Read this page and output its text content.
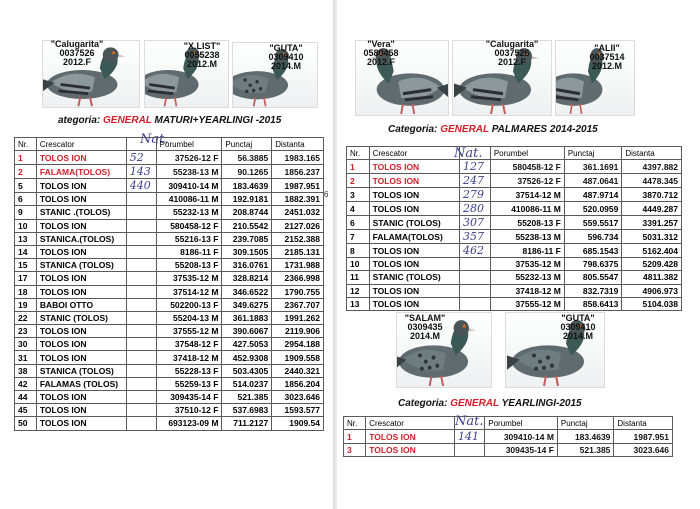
6
"Calugarita"
0037526
2012.F
"X.LIST"
0055238
2012.M
"GUTA"
0309410
2014.M
ategoria: GENERAL MATURI+YEARLINGI -2015
Nat.
Nr.	Crescator		Porumbel	Punctaj	Distanta
1	TOLOS ION	52	37526-12 F	56.3885	1983.165
2	FALAMA(TOLOS)	143	55238-13 M	90.1265	1856.237
5	TOLOS ION	440	309410-14 M	183.4639	1987.951
6	TOLOS ION		410086-11 M	192.9181	1882.391
9	STANIC .(TOLOS)		55232-13 M	208.8744	2451.032
10	TOLOS ION		580458-12 F	210.5542	2127.026
13	STANICA.(TOLOS)		55216-13 F	239.7085	2152.388
14	TOLOS ION		8186-11 F	309.1505	2185.131
15	STANICA (TOLOS)		55208-13 F	316.0761	1731.988
17	TOLOS ION		37535-12 M	328.8214	2366.998
18	TOLOS ION		37514-12 M	346.6522	1790.755
19	BABOI OTTO		502200-13 F	349.6275	2367.707
22	STANIC (TOLOS)		55204-13 M	361.1883	1991.262
23	TOLOS ION		37555-12 M	390.6067	2119.906
30	TOLOS ION		37548-12 F	427.5053	2954.188
31	TOLOS ION		37418-12 M	452.9308	1909.558
38	STANICA (TOLOS)		55228-13 F	503.4305	2440.321
42	FALAMAS (TOLOS)		55259-13 F	514.0237	1856.204
44	TOLOS ION		309435-14 F	521.385	3023.646
45	TOLOS ION		37510-12 F	537.6983	1593.577
50	TOLOS ION		693123-09 M	711.2127	1909.54
"Vera"
0580458
2012.F
"Calugarita"
0037526
2012.F
"ALII"
0037514
2012.M
Categoria: GENERAL PALMARES 2014-2015
Nat.
Nr.	Crescator		Porumbel	Punctaj	Distanta
1	TOLOS ION	127	580458-12 F	361.1691	4397.882
2	TOLOS ION	247	37526-12 F	487.0641	4478.345
3	TOLOS ION	279	37514-12 M	487.9714	3870.712
4	TOLOS ION	280	410086-11 M	520.0959	4449.287
6	STANIC (TOLOS)	307	55208-13 F	559.5517	3391.257
7	FALAMA(TOLOS)	357	55238-13 M	596.734	5031.312
8	TOLOS ION	462	8186-11 F	685.1543	5162.404
10	TOLOS ION		37535-12 M	798.6375	5209.428
11	STANIC (TOLOS)		55232-13 M	805.5547	4811.382
12	TOLOS ION		37418-12 M	832.7319	4906.973
13	TOLOS ION		37555-12 M	858.6413	5104.038
"SALAM"
0309435
2014.M
"GUTA"
0309410
2014.M
Categoria: GENERAL YEARLINGI-2015
Nat.
Nr.	Crescator		Porumbel	Punctaj	Distanta
1	TOLOS ION	141	309410-14 M	183.4639	1987.951
3	TOLOS ION		309435-14 F	521.385	3023.646
